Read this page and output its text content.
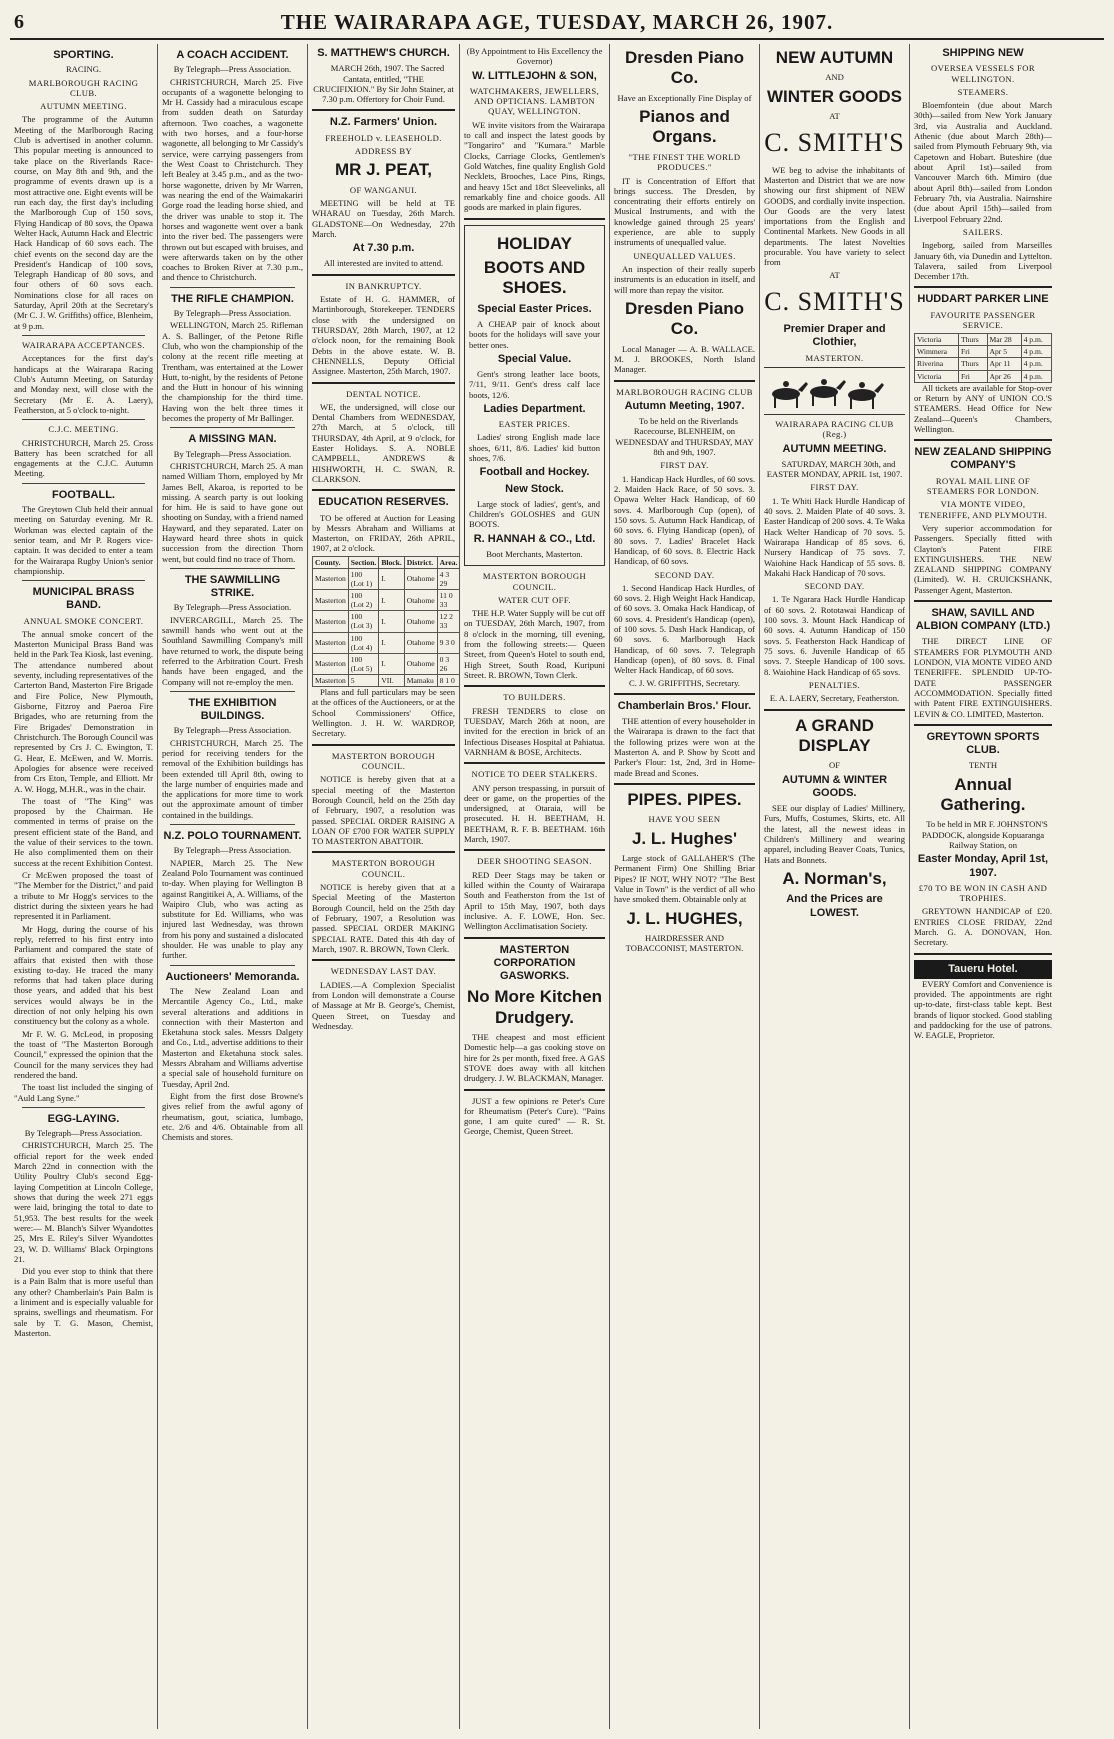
6	THE WAIRARAPA AGE, TUESDAY, MARCH 26, 1907.
SPORTING.
RACING.
MARLBOROUGH RACING CLUB.
AUTUMN MEETING.

The programme of the Autumn Meeting of the Marlborough Racing Club is advertised in another column. This popular meeting is announced to take place on the Riverlands Race-course, on May 8th and 9th, and the programme of events drawn up is a most attractive one. Eight events will be run each day, the first day's including the Marlborough Cup of 150 sovs, Flying Handicap of 80 sovs, the Opawa Welter Hack, Autumn Hack and Electric Hack Handicap of 60 sovs each. The chief events on the second day are the President's Handicap of 100 sovs, Telegraph Handicap of 80 sovs, and four others of 60 sovs each. Nominations close for all races on Saturday, April 20th at the Secretary's (Mr C. J. W. Griffiths) office, Blenheim, at 9 p.m.

WAIRARAPA ACCEPTANCES.

Acceptances for the first day's handicaps at the Wairarapa Racing Club's Autumn Meeting, on Saturday and Monday next, will close with the Secretary (Mr E. A. Laery), Featherston, at 5 o'clock to-night.

C.J.C. MEETING.

CHRISTCHURCH, March 25. Cross Battery has been scratched for all engagements at the C.J.C. Autumn Meeting.

FOOTBALL.

The Greytown Club held their annual meeting on Saturday evening. Mr R. Workman was elected captain of the senior team, and Mr P. Rogers vice-captain. It was decided to enter a team for the Wairarapa Rugby Union's senior championship.

MUNICIPAL BRASS BAND.
ANNUAL SMOKE CONCERT.

The annual smoke concert of the Masterton Municipal Brass Band was held in the Park Tea Kiosk, last evening. The attendance numbered about seventy, including representatives of the Carterton Band, Masterton Fire Brigade and Fire Police, New Plymouth, Gisborne, Fitzroy and Paeroa Fire Brigades, who are returning from the Fire Brigades' Demonstration in Christchurch. The Borough Council was represented by Crs J. C. Ewington, T. G. Hear, E. McEwen, and W. Morris. Apologies for absence were received from Crs Eton, Temple, and Elliott. Mr A. W. Hogg, M.H.R., was in the chair.

The toast of "The King" was proposed by the Chairman. He commented in terms of praise on the present efficient state of the Band, and the value of their services to the town. He also complimented them on their success at the recent Exhibition Contest.

Cr McEwen proposed the toast of "The Member for the District," and paid a tribute to Mr Hogg's services to the district during the sixteen years he had represented it in Parliament.

Mr Hogg, during the course of his reply, referred to his first entry into Parliament and compared the state of affairs that existed then with those existing to-day. He traced the many reforms that had taken place during those years, and added that his best services would always be in the direction of not only helping his own constituency but the colony as a whole.

Mr F. W. G. McLeod, in proposing the toast of "The Masterton Borough Council," expressed the opinion that the Council for the many services they had rendered the band.

The toast list included the singing of "Auld Lang Syne."

EGG-LAYING.
By Telegraph—Press Association.

CHRISTCHURCH, March 25. The official report for the week ended March 22nd in connection with the Utility Poultry Club's second Egg-laying Competition at Lincoln College, shows that during the week 271 eggs were laid, bringing the total to date to 51,953. The best results for the week were:— M. Blanch's Silver Wyandottes 25, Mrs E. Riley's Silver Wyandottes 23, W. D. Williams' Black Orpingtons 21.

Did you ever stop to think that there is a Pain Balm that is more useful than any other? Chamberlain's Pain Balm is a liniment and is especially valuable for sprains, swellings and rheumatism. For sale by T. G. Mason, Chemist, Masterton.

A COACH ACCIDENT.
By Telegraph—Press Association.

CHRISTCHURCH, March 25. Five occupants of a wagonette belonging to Mr H. Cassidy had a miraculous escape from sudden death on Saturday afternoon. Two coaches, a wagonette with two horses, and a four-horse wagonette, all belonging to Mr Cassidy's service, were carrying passengers from the West Coast to Christchurch. They left Bealey at 3.45 p.m., and as the two-horse wagonette, driven by Mr Warren, was nearing the end of the Waimakariri Gorge road the leading horse shied, and the driver was unable to stop it. The horses and wagonette went over a bank into the river bed. The passengers were thrown out but escaped with bruises, and were afterwards taken on by the other coaches to Broken River at 7.30 p.m., and thence to Christchurch.

THE RIFLE CHAMPION.
By Telegraph—Press Association.

WELLINGTON, March 25. Rifleman A. S. Ballinger, of the Petone Rifle Club, who won the championship of the colony at the recent rifle meeting at Trentham, was entertained at the Lower Hutt, to-night, by the residents of Petone and the Hutt in honour of his winning the championship for the third time. Having won the belt three times it becomes the property of Mr Ballinger.

A MISSING MAN.
By Telegraph—Press Association.

CHRISTCHURCH, March 25. A man named William Thorn, employed by Mr James Bell, Akaroa, is reported to be missing. A search party is out looking for him. He is said to have gone out shooting on Sunday, with a friend named Hayward, and they separated. Later on Hayward heard three shots in quick succession from the direction Thorn went, but could find no trace of Thorn.

THE SAWMILLING STRIKE.
By Telegraph—Press Association.

INVERCARGILL, March 25. The sawmill hands who went out at the Southland Sawmilling Company's mill have returned to work, the dispute being referred to the Arbitration Court. Fresh hands have been engaged, and the Company will not re-employ the men.

THE EXHIBITION BUILDINGS.
By Telegraph—Press Association.

CHRISTCHURCH, March 25. The period for receiving tenders for the removal of the Exhibition buildings has been extended till April 8th, owing to the large number of enquiries made and the applications for more time to work out the approximate amount of timber contained in the buildings.

N.Z. POLO TOURNAMENT.
By Telegraph—Press Association.

NAPIER, March 25. The New Zealand Polo Tournament was continued to-day. When playing for Wellington B against Rangitikei A, A. Williams, of the Waipiro Club, who was acting as substitute for Ed. Williams, who was injured last Wednesday, was thrown from his pony and sustained a dislocated shoulder. He was unable to play any further.

Auctioneers' Memoranda.

The New Zealand Loan and Mercantile Agency Co., Ltd., make several alterations and additions in connection with their Masterton and Eketahuna stock sales. Messrs Dalgety and Co., Ltd., advertise additions to their Masterton and Eketahuna stock sales. Messrs Abraham and Williams advertise a special sale of household furniture on Tuesday, April 2nd.

Eight from the first dose Browne's gives relief from the awful agony of rheumatism, gout, sciatica, lumbago, etc. 2/6 and 4/6. Obtainable from all Chemists and stores.

S. MATTHEW'S CHURCH.

MARCH 26th, 1907. The Sacred Cantata, entitled, "THE CRUCIFIXION." By Sir John Stainer, at 7.30 p.m. Offertory for Choir Fund.

N.Z. Farmers' Union.
FREEHOLD v. LEASEHOLD.
ADDRESS BY
MR J. PEAT,
OF WANGANUI.

MEETING will be held at TE WHARAU on Tuesday, 26th March. GLADSTONE—On Wednesday, 27th March.

At 7.30 p.m.
All interested are invited to attend.
IN BANKRUPTCY.

Estate of H. G. HAMMER, of Martinborough, Storekeeper. TENDERS close with the undersigned on THURSDAY, 28th March, 1907, at 12 o'clock noon, for the remaining Book Debts in the above estate. W. B. CHENNELLS, Deputy Official Assignee. Masterton, 25th March, 1907.

DENTAL NOTICE.

WE, the undersigned, will close our Dental Chambers from WEDNESDAY, 27th March, at 5 o'clock, till THURSDAY, 4th April, at 9 o'clock, for Easter Holidays. S. A. NOBLE CAMPBELL, ANDREWS & HISHWORTH, H. C. SWAN, R. CLARKSON.

EDUCATION RESERVES.

TO be offered at Auction for Leasing by Messrs Abraham and Williams at Masterton, on FRIDAY, 26th APRIL, 1907, at 2 o'clock.

County.	Section.	Block.	District.	Area.
Masterton	100 (Lot 1)	I.	Otahome	4 3 29
Masterton	100 (Lot 2)	I.	Otahome	11 0 33
Masterton	100 (Lot 3)	I.	Otahome	12 2 33
Masterton	100 (Lot 4)	I.	Otahome	9 3 0
Masterton	100 (Lot 5)	I.	Otahome	0 3 26
Masterton	5	VII.	Mamaku	8 1 0

Plans and full particulars may be seen at the offices of the Auctioneers, or at the School Commissioners' Office, Wellington. J. H. W. WARDROP, Secretary.

MASTERTON BOROUGH COUNCIL.

NOTICE is hereby given that at a special meeting of the Masterton Borough Council, held on the 25th day of February, 1907, a resolution was passed. SPECIAL ORDER RAISING A LOAN OF £700 FOR WATER SUPPLY TO MASTERTON ABATTOIR.

MASTERTON BOROUGH COUNCIL.

NOTICE is hereby given that at a Special Meeting of the Masterton Borough Council, held on the 25th day of February, 1907, a Resolution was passed. SPECIAL ORDER MAKING SPECIAL RATE. Dated this 4th day of March, 1907. R. BROWN, Town Clerk.

WEDNESDAY LAST DAY.

LADIES.—A Complexion Specialist from London will demonstrate a Course of Massage at Mr B. George's, Chemist, Queen Street, on Tuesday and Wednesday.

(By Appointment to His Excellency the Governor)
W. LITTLEJOHN & SON,
WATCHMAKERS, JEWELLERS, AND OPTICIANS. LAMBTON QUAY, WELLINGTON.

WE invite visitors from the Wairarapa to call and inspect the latest goods by "Tongariro" and "Kumara." Marble Clocks, Carriage Clocks, Gentlemen's Gold Watches, fine quality English Gold Necklets, Brooches, Lace Pins, Rings, and heavy 15ct and 18ct Sleevelinks, all remarkably fine and choice goods. All goods are marked in plain figures.

HOLIDAY
BOOTS AND SHOES.
Special Easter Prices.

A CHEAP pair of knock about boots for the holidays will save your better ones.

Special Value.

Gent's strong leather lace boots, 7/11, 9/11. Gent's dress calf lace boots, 12/6.

Ladies Department.
EASTER PRICES.

Ladies' strong English made lace shoes, 6/11, 8/6. Ladies' kid button shoes, 7/6.

Football and Hockey.
New Stock.

Large stock of ladies', gent's, and Children's GOLOSHES and GUN BOOTS.

R. HANNAH & CO., Ltd.
Boot Merchants, Masterton.
MASTERTON BOROUGH COUNCIL.
WATER CUT OFF.

THE H.P. Water Supply will be cut off on TUESDAY, 26th March, 1907, from 8 o'clock in the morning, till evening, from the following streets:— Queen Street, from Queen's Hotel to south end, High Street, South Road, Kuripuni Street. R. BROWN, Town Clerk.

TO BUILDERS.

FRESH TENDERS to close on TUESDAY, March 26th at noon, are invited for the erection in brick of an Infectious Diseases Hospital at Pahiatua. VARNHAM & BOSE, Architects.

NOTICE TO DEER STALKERS.

ANY person trespassing, in pursuit of deer or game, on the properties of the undersigned, at Otaraia, will be prosecuted. H. H. BEETHAM, H. BEETHAM, R. F. B. BEETHAM. 16th March, 1907.

DEER SHOOTING SEASON.

RED Deer Stags may be taken or killed within the County of Wairarapa South and Featherston from the 1st of April to 15th May, 1907, both days inclusive. A. F. LOWE, Hon. Sec. Wellington Acclimatisation Society.

MASTERTON CORPORATION GASWORKS.
No More Kitchen Drudgery.

THE cheapest and most efficient Domestic help—a gas cooking stove on hire for 2s per month, fixed free. A GAS STOVE does away with all kitchen drudgery. J. W. BLACKMAN, Manager.

JUST a few opinions re Peter's Cure for Rheumatism (Peter's Cure). "Pains gone, I am quite cured" — R. St. George, Chemist, Queen Street.

Dresden Piano Co.
Have an Exceptionally Fine Display of
Pianos and Organs.
"THE FINEST THE WORLD PRODUCES."

IT is Concentration of Effort that brings success. The Dresden, by concentrating their efforts entirely on Musical Instruments, and with the knowledge gained through 25 years' experience, are able to supply instruments of unequalled value.

UNEQUALLED VALUES.

An inspection of their really superb instruments is an education in itself, and will more than repay the visitor.

Dresden Piano Co.

Local Manager — A. B. WALLACE. M. J. BROOKES, North Island Manager.

MARLBOROUGH RACING CLUB
Autumn Meeting, 1907.

To be held on the Riverlands Racecourse, BLENHEIM, on WEDNESDAY and THURSDAY, MAY 8th and 9th, 1907.

FIRST DAY.

1. Handicap Hack Hurdles, of 60 sovs. 2. Maiden Hack Race, of 50 sovs. 3. Opawa Welter Hack Handicap, of 60 sovs. 4. Marlborough Cup (open), of 150 sovs. 5. Autumn Hack Handicap, of 60 sovs. 6. Flying Handicap (open), of 80 sovs. 7. Ladies' Bracelet Hack Handicap, of 60 sovs. 8. Electric Hack Handicap, of 60 sovs.

SECOND DAY.

1. Second Handicap Hack Hurdles, of 60 sovs. 2. High Weight Hack Handicap, of 60 sovs. 3. Omaka Hack Handicap, of 60 sovs. 4. President's Handicap (open), of 100 sovs. 5. Dash Hack Handicap, of 60 sovs. 6. Marlborough Hack Handicap, of 60 sovs. 7. Telegraph Handicap (open), of 80 sovs. 8. Final Welter Hack Handicap, of 60 sovs.

C. J. W. GRIFFITHS, Secretary.
Chamberlain Bros.' Flour.

THE attention of every householder in the Wairarapa is drawn to the fact that the following prizes were won at the Masterton A. and P. Show by Scott and Parker's Flour: 1st, 2nd, 3rd in Home-made Bread and Scones.

PIPES. PIPES.
HAVE YOU SEEN
J. L. Hughes'

Large stock of GALLAHER'S (The Permanent Firm) One Shilling Briar Pipes? IF NOT, WHY NOT? "The Best Value in Town" is the verdict of all who have smoked them. Obtainable only at

J. L. HUGHES,
HAIRDRESSER AND TOBACCONIST, MASTERTON.
NEW AUTUMN
AND
WINTER GOODS
AT
C. SMITH'S

WE beg to advise the inhabitants of Masterton and District that we are now showing our first shipment of NEW GOODS, and cordially invite inspection. Our Goods are the very latest importations from the English and Continental Markets. New Goods in all departments. The latest Novelties procurable. You have variety to select from

AT
C. SMITH'S
Premier Draper and Clothier,
MASTERTON.
WAIRARAPA RACING CLUB (Reg.)
AUTUMN MEETING.

SATURDAY, MARCH 30th, and EASTER MONDAY, APRIL 1st, 1907.

FIRST DAY.

1. Te Whiti Hack Hurdle Handicap of 40 sovs. 2. Maiden Plate of 40 sovs. 3. Easter Handicap of 200 sovs. 4. Te Waka Hack Welter Handicap of 70 sovs. 5. Wairarapa Handicap of 85 sovs. 6. Nursery Handicap of 75 sovs. 7. Waiohine Hack Handicap of 55 sovs. 8. Makahi Hack Handicap of 70 sovs.

SECOND DAY.

1. Te Ngarara Hack Hurdle Handicap of 60 sovs. 2. Rototawai Handicap of 100 sovs. 3. Mount Hack Handicap of 60 sovs. 4. Autumn Handicap of 150 sovs. 5. Featherston Hack Handicap of 75 sovs. 6. Juvenile Handicap of 65 sovs. 7. Steeple Handicap of 100 sovs. 8. Waiohine Hack Handicap of 65 sovs.

PENALTIES.
E. A. LAERY, Secretary, Featherston.
A GRAND DISPLAY
OF
AUTUMN & WINTER GOODS.

SEE our display of Ladies' Millinery, Furs, Muffs, Costumes, Skirts, etc. All the latest, all the newest ideas in Children's Millinery and wearing apparel, including Beaver Coats, Tunics, Hats and Bonnets.

A. Norman's,
And the Prices are LOWEST.
SHIPPING NEW
OVERSEA VESSELS FOR WELLINGTON.
STEAMERS.

Bloemfontein (due about March 30th)—sailed from New York January 3rd, via Australia and Auckland. Athenic (due about March 28th)—sailed from Plymouth February 9th, via Capetown and Hobart. Buteshire (due about April 1st)—sailed from Vancouver March 6th. Mimiro (due about April 8th)—sailed from London February 7th, via Australia. Nairnshire (due about April 15th)—sailed from Liverpool February 22nd.

SAILERS.

Ingeborg, sailed from Marseilles January 6th, via Dunedin and Lyttelton. Talavera, sailed from Liverpool December 17th.

HUDDART PARKER LINE
FAVOURITE PASSENGER SERVICE.
Victoria	Thurs	Mar 28	4 p.m.
Wimmera	Fri	Apr 5	4 p.m.
Riverina	Thurs	Apr 11	4 p.m.
Victoria	Fri	Apr 26	4 p.m.

All tickets are available for Stop-over or Return by ANY of UNION CO.'S STEAMERS. Head Office for New Zealand—Queen's Chambers, Wellington.

NEW ZEALAND SHIPPING COMPANY'S
ROYAL MAIL LINE OF STEAMERS FOR LONDON.
VIA MONTE VIDEO, TENERIFFE, AND PLYMOUTH.

Very superior accommodation for Passengers. Specially fitted with Clayton's Patent FIRE EXTINGUISHERS. THE NEW ZEALAND SHIPPING COMPANY (Limited). W. H. CRUICKSHANK, Passenger Agent, Masterton.

SHAW, SAVILL AND ALBION COMPANY (LTD.)

THE DIRECT LINE OF STEAMERS FOR PLYMOUTH AND LONDON, VIA MONTE VIDEO AND TENERIFFE. SPLENDID UP-TO-DATE PASSENGER ACCOMMODATION. Specially fitted with Patent FIRE EXTINGUISHERS. LEVIN & CO. LIMITED, Masterton.

GREYTOWN SPORTS CLUB.
TENTH
Annual Gathering.

To be held in MR F. JOHNSTON'S PADDOCK, alongside Kopuaranga Railway Station, on

Easter Monday, April 1st, 1907.
£70 TO BE WON IN CASH AND TROPHIES.

GREYTOWN HANDICAP of £20. ENTRIES CLOSE FRIDAY, 22nd March. G. A. DONOVAN, Hon. Secretary.

Taueru Hotel.

EVERY Comfort and Convenience is provided. The appointments are right up-to-date, first-class table kept. Best brands of liquor stocked. Good stabling and paddocking for the use of patrons. W. EAGLE, Proprietor.
